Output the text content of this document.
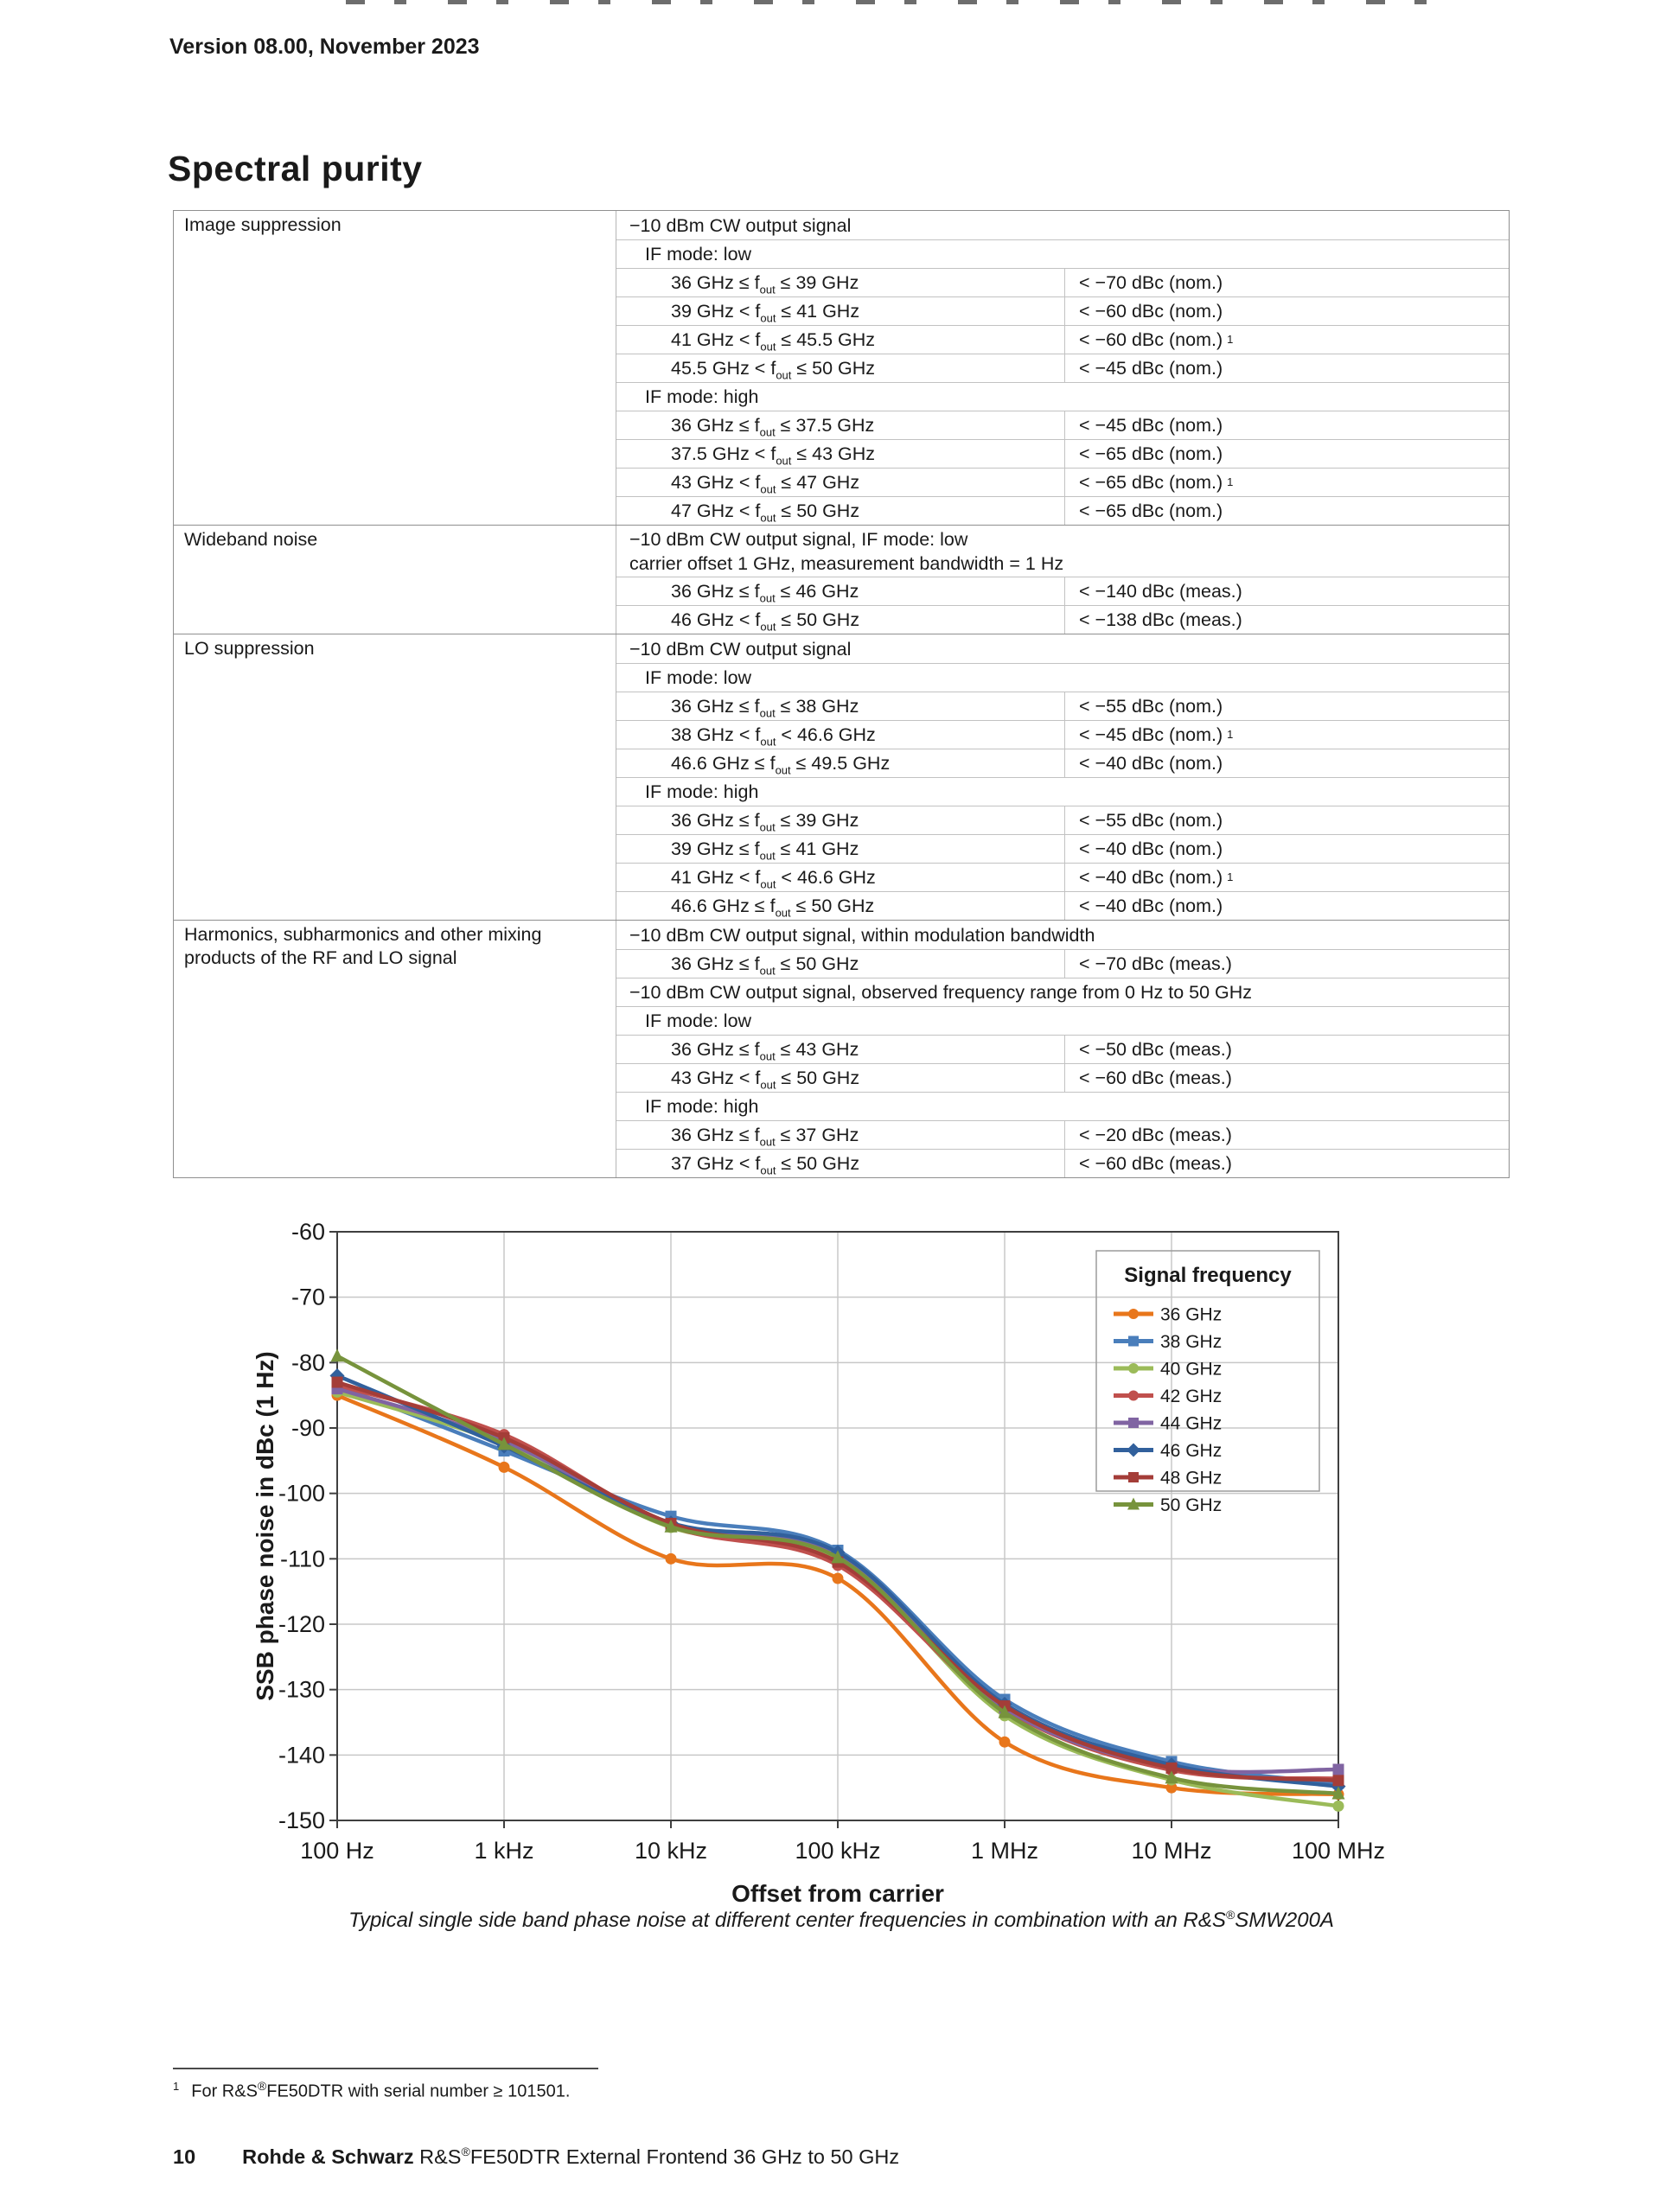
Version 08.00, November 2023
Spectral purity
Image suppression	−10 dBm CW output signal
IF mode: low
36 GHz ≤ $f_{out} \le 39$ GHz	< −70 dBc (nom.)
39 GHz < $f_{out} \le 41$ GHz	< −60 dBc (nom.)
41 GHz < $f_{out} \le 45.5$ GHz	< −60 dBc (nom.) 1
45.5 GHz < $f_{out} \le 50$ GHz	< −45 dBc (nom.)
IF mode: high
36 GHz ≤ $f_{out} \le 37.5$ GHz	< −45 dBc (nom.)
37.5 GHz < $f_{out} \le 43$ GHz	< −65 dBc (nom.)
43 GHz < $f_{out} \le 47$ GHz	< −65 dBc (nom.) 1
47 GHz < $f_{out} \le 50$ GHz	< −65 dBc (nom.)
Wideband noise	−10 dBm CW output signal, IF mode: low
carrier offset 1 GHz, measurement bandwidth = 1 Hz
36 GHz ≤ $f_{out} \le 46$ GHz	< −140 dBc (meas.)
46 GHz < $f_{out} \le 50$ GHz	< −138 dBc (meas.)
LO suppression	−10 dBm CW output signal
IF mode: low
36 GHz ≤ $f_{out} \le 38$ GHz	< −55 dBc (nom.)
38 GHz < $f_{out} < 46.6$ GHz	< −45 dBc (nom.) 1
46.6 GHz ≤ $f_{out} \le 49.5$ GHz	< −40 dBc (nom.)
IF mode: high
36 GHz ≤ $f_{out} \le 39$ GHz	< −55 dBc (nom.)
39 GHz ≤ $f_{out} \le 41$ GHz	< −40 dBc (nom.)
41 GHz < $f_{out} < 46.6$ GHz	< −40 dBc (nom.) 1
46.6 GHz ≤ $f_{out} \le 50$ GHz	< −40 dBc (nom.)
Harmonics, subharmonics and other mixing products of the RF and LO signal
−10 dBm CW output signal, within modulation bandwidth
36 GHz ≤ $f_{out} \le 50$ GHz	< −70 dBc (meas.)
−10 dBm CW output signal, observed frequency range from 0 Hz to 50 GHz
IF mode: low
36 GHz ≤ $f_{out} \le 43$ GHz	< −50 dBc (meas.)
43 GHz < $f_{out} \le 50$ GHz	< −60 dBc (meas.)
IF mode: high
36 GHz ≤ $f_{out} \le 37$ GHz	< −20 dBc (meas.)
37 GHz < $f_{out} \le 50$ GHz	< −60 dBc (meas.)
Signal frequency
36 GHz
38 GHz
40 GHz
42 GHz
44 GHz
46 GHz
48 GHz
50 GHz
-60
-70
-80
-90
-100
-110
-120
-130
-140
-150
100 Hz	1 kHz	10 kHz	100 kHz	1 MHz	10 MHz	100 MHz
Offset from carrier
SSB phase noise in dBc (1 Hz)
Typical single side band phase noise at different center frequencies in combination with an R&S®SMW200A
$^1$ For R&S®FE50DTR with serial number ≥ 101501.
10 Rohde & Schwarz R&S®FE50DTR External Frontend 36 GHz to 50 GHz
